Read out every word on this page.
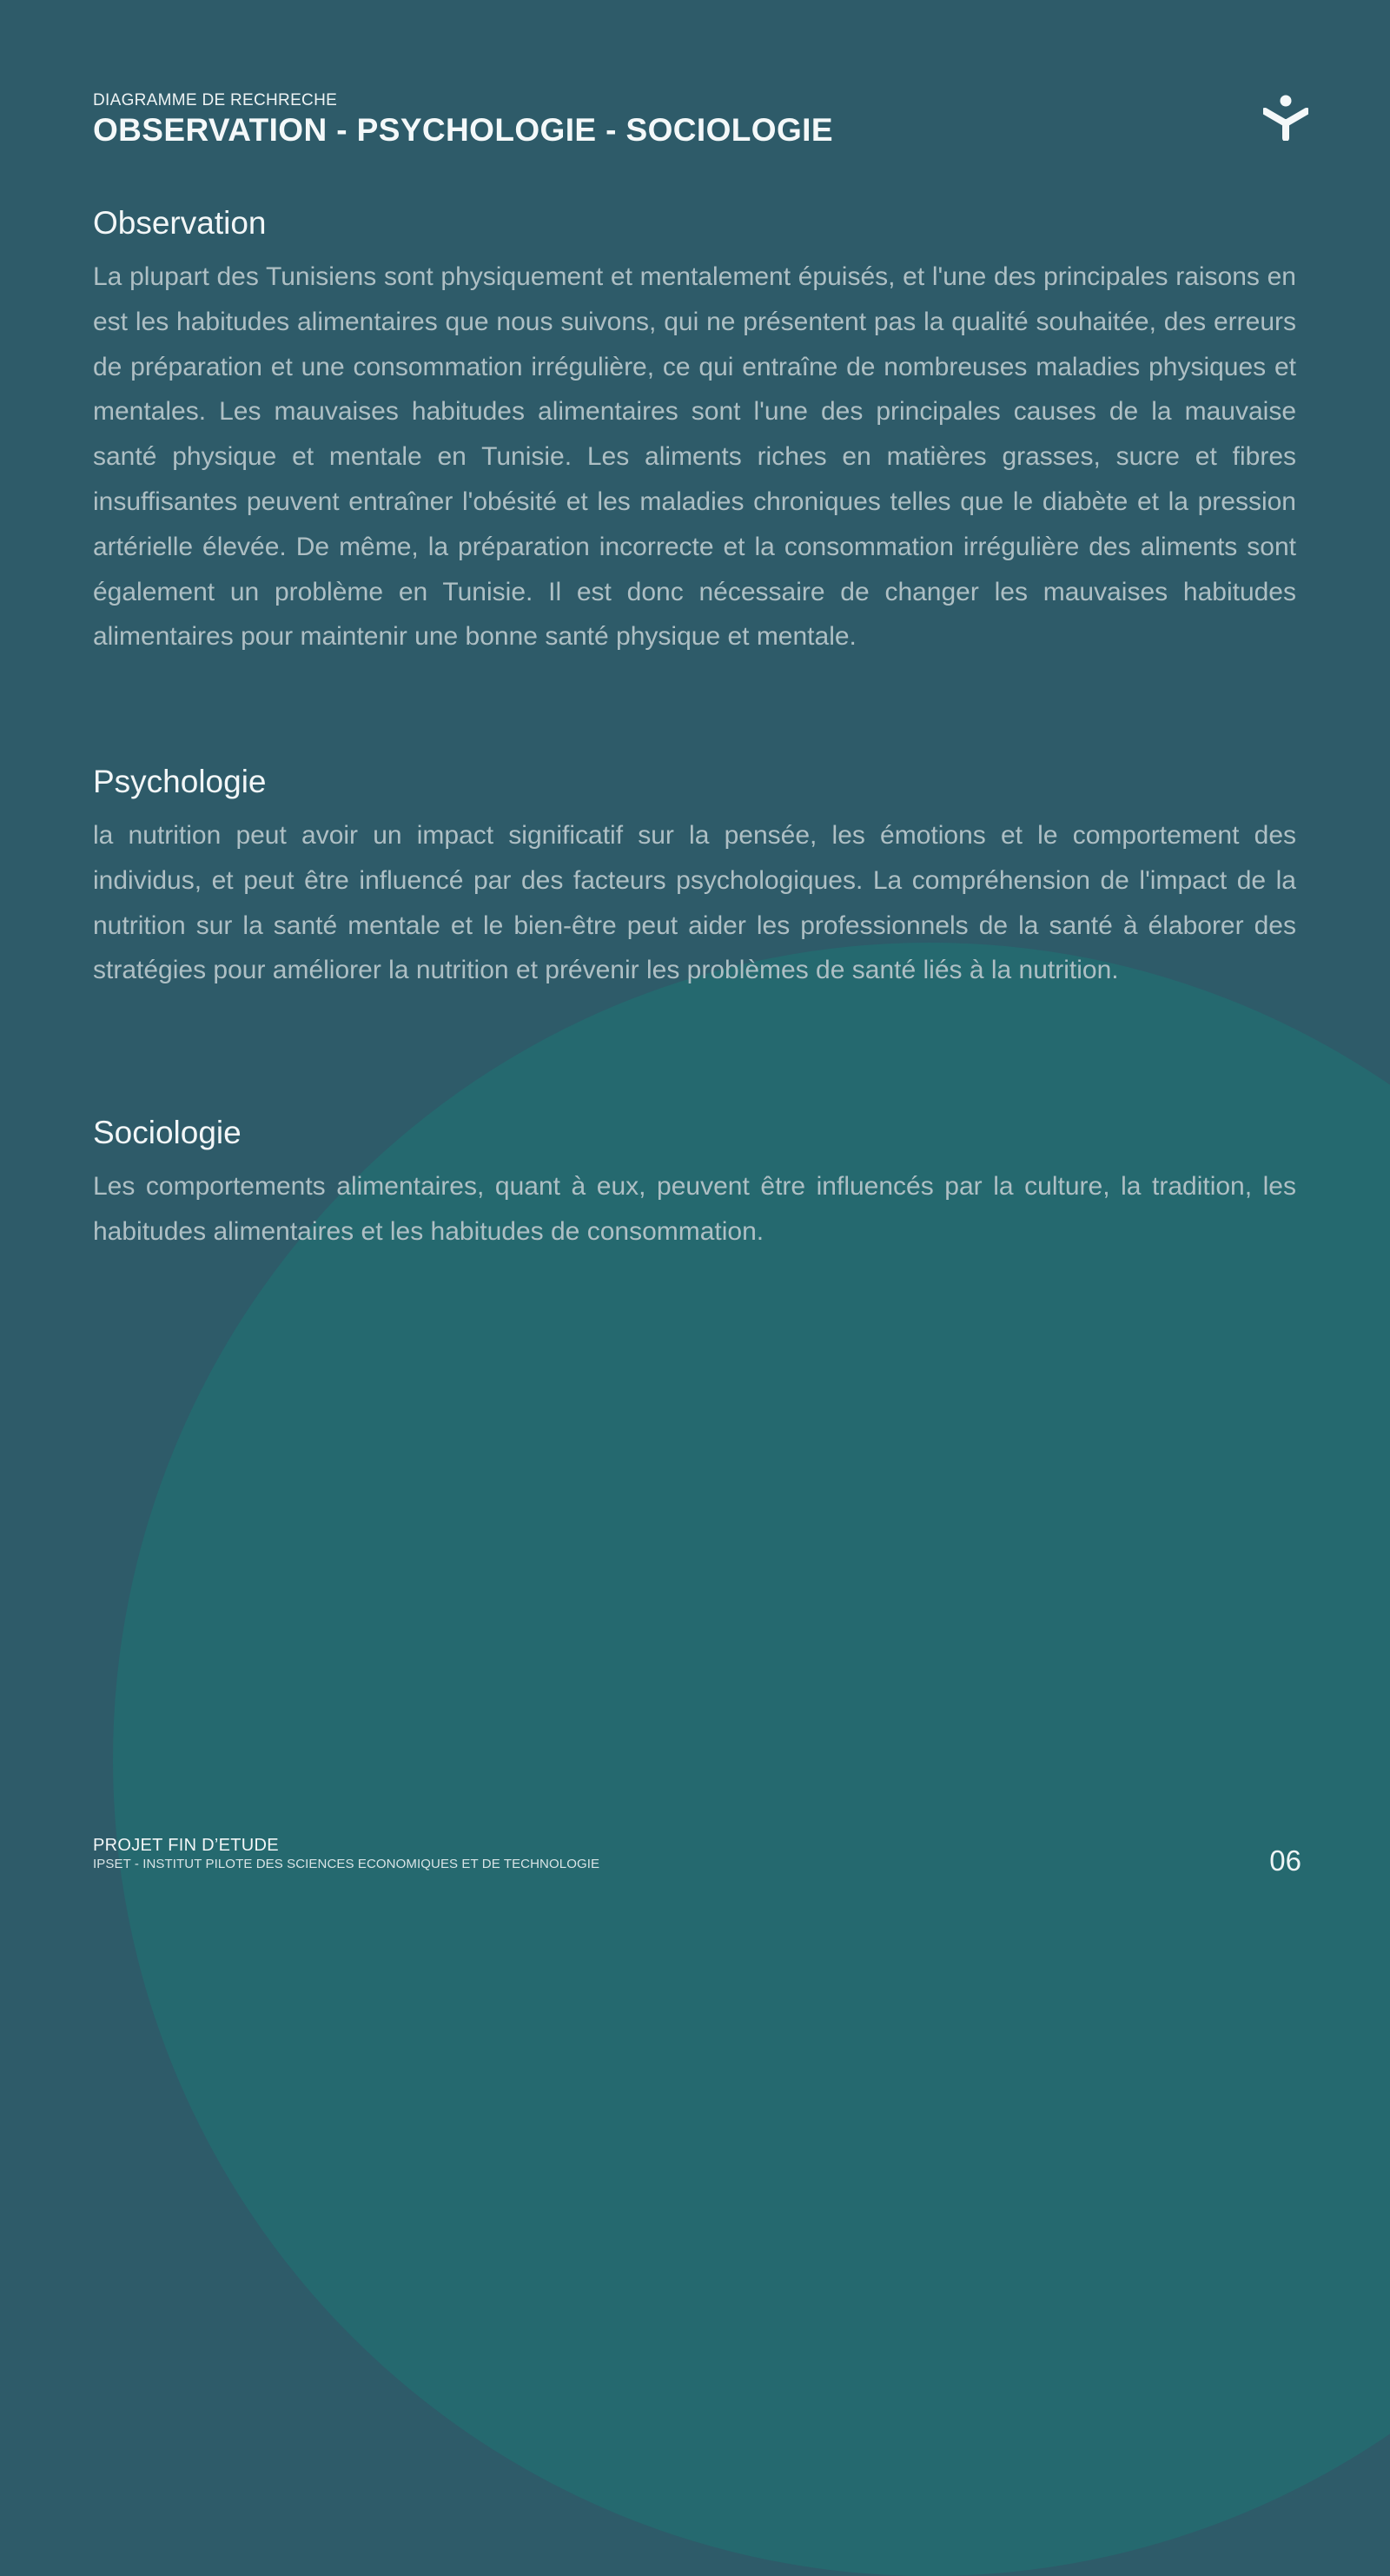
DIAGRAMME DE RECHRECHE
OBSERVATION - PSYCHOLOGIE - SOCIOLOGIE
Observation

La plupart des Tunisiens sont physiquement et mentalement épuisés, et l'une des principales raisons en est les habitudes alimentaires que nous suivons, qui ne présentent pas la qualité souhaitée, des erreurs de préparation et une consommation irrégulière, ce qui entraîne de nombreuses maladies physiques et mentales. Les mauvaises habitudes alimentaires sont l'une des principales causes de la mauvaise santé physique et mentale en Tunisie. Les aliments riches en matières grasses, sucre et fibres insuffisantes peuvent entraîner l'obésité et les maladies chroniques telles que le diabète et la pression artérielle élevée. De même, la préparation incorrecte et la consommation irrégulière des aliments sont également un problème en Tunisie. Il est donc nécessaire de changer les mauvaises habitudes alimentaires pour maintenir une bonne santé physique et mentale.

Psychologie

la nutrition peut avoir un impact significatif sur la pensée, les émotions et le comportement des individus, et peut être influencé par des facteurs psychologiques. La compréhension de l'impact de la nutrition sur la santé mentale et le bien-être peut aider les professionnels de la santé à élaborer des stratégies pour améliorer la nutrition et prévenir les problèmes de santé liés à la nutrition.

Sociologie

Les comportements alimentaires, quant à eux, peuvent être influencés par la culture, la tradition, les habitudes alimentaires et les habitudes de consommation.

PROJET FIN D’ETUDE
IPSET - INSTITUT PILOTE DES SCIENCES ECONOMIQUES ET DE TECHNOLOGIE	06
